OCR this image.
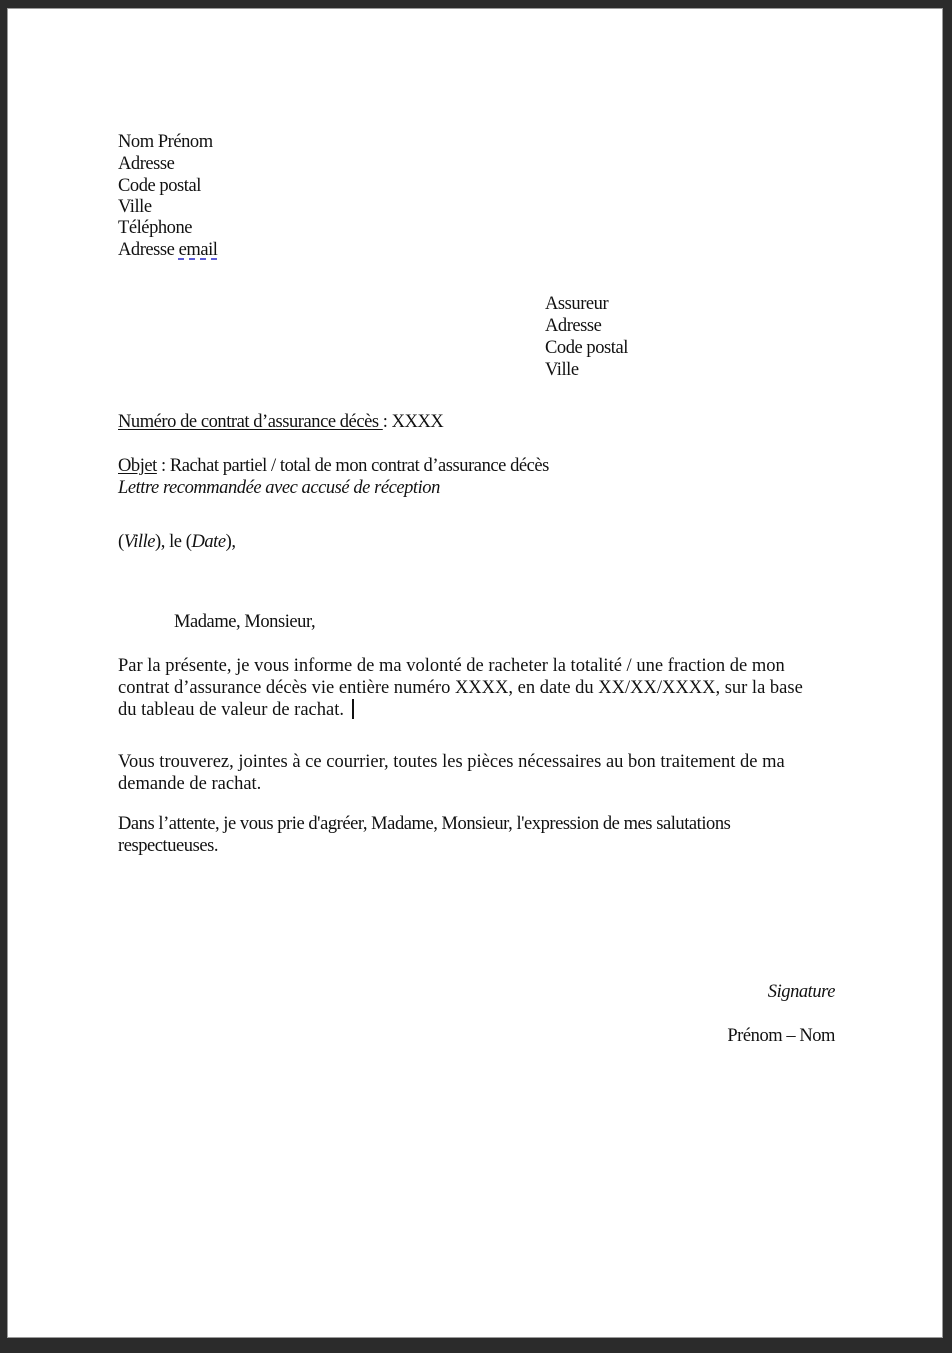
Nom Prénom
Adresse
Code postal
Ville
Téléphone
Adresse email
Assureur
Adresse
Code postal
Ville
Numéro de contrat d’assurance décès : XXXX
Objet : Rachat partiel / total de mon contrat d’assurance décès
Lettre recommandée avec accusé de réception
(Ville), le (Date),
Madame, Monsieur,
Par la présente, je vous informe de ma volonté de racheter la totalité / une fraction de mon
contrat d’assurance décès vie entière numéro XXXX, en date du XX/XX/XXXX, sur la base
du tableau de valeur de rachat.
Vous trouverez, jointes à ce courrier, toutes les pièces nécessaires au bon traitement de ma
demande de rachat.
Dans l’attente, je vous prie d'agréer, Madame, Monsieur, l'expression de mes salutations
respectueuses.
Signature
Prénom – Nom
